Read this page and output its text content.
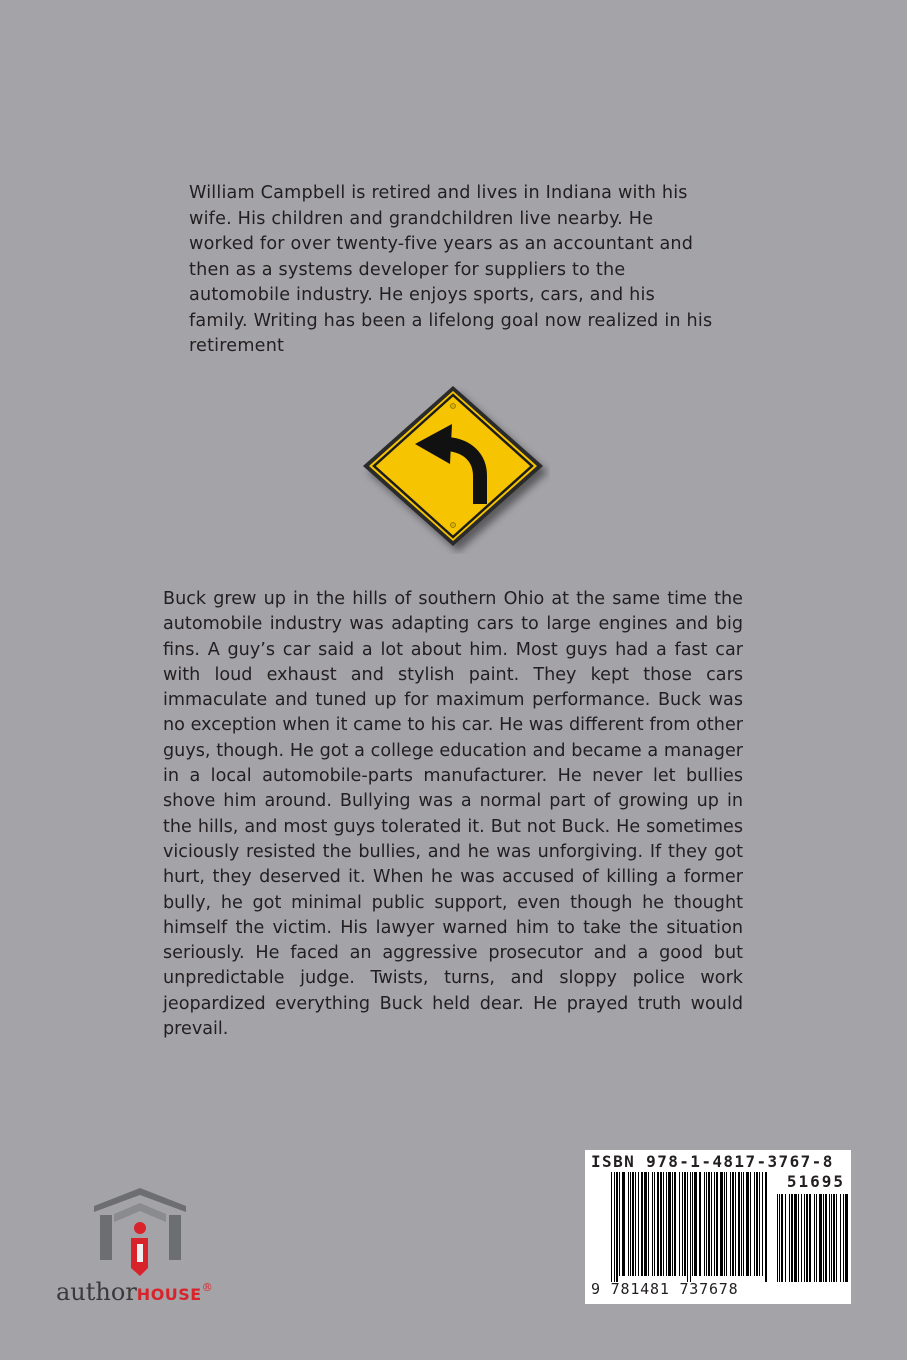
William Campbell is retired and lives in Indiana with his wife. His children and grandchildren live nearby. He worked for over twenty-five years as an accountant and then as a systems developer for suppliers to the automobile industry. He enjoys sports, cars, and his family. Writing has been a lifelong goal now realized in his retirement

Buck grew up in the hills of southern Ohio at the same time the automobile industry was adapting cars to large engines and big fins. A guy’s car said a lot about him. Most guys had a fast car with loud exhaust and stylish paint. They kept those cars immaculate and tuned up for maximum performance. Buck was no exception when it came to his car. He was different from other guys, though. He got a college education and became a manager in a local automobile-parts manufacturer. He never let bullies shove him around. Bullying was a normal part of growing up in the hills, and most guys tolerated it. But not Buck. He sometimes viciously resisted the bullies, and he was unforgiving. If they got hurt, they deserved it. When he was accused of killing a former bully, he got minimal public support, even though he thought himself the victim. His lawyer warned him to take the situation seriously. He faced an aggressive prosecutor and a good but unpredictable judge. Twists, turns, and sloppy police work jeopardized everything Buck held dear. He prayed truth would prevail.

authorHOUSE®
ISBN 978-1-4817-3767-8
51695
9 781481 737678
